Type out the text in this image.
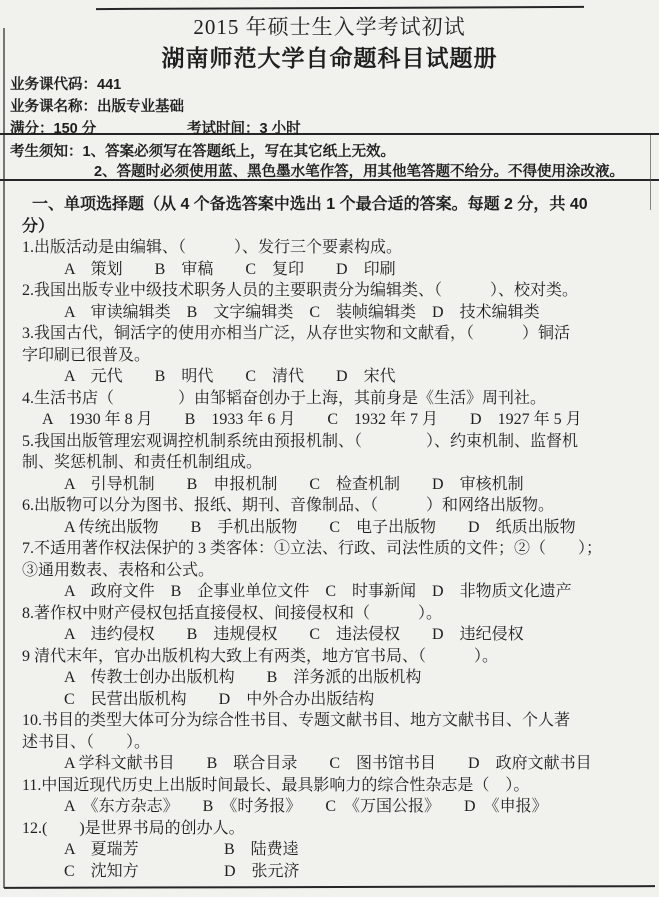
2015 年硕士生入学考试初试
湖南师范大学自命题科目试题册
业务课代码：441
业务课名称：出版专业基础
满分：150 分	考试时间：3 小时
考生须知：1、答案必须写在答题纸上，写在其它纸上无效。
2、答题时必须使用蓝、黑色墨水笔作答，用其他笔答题不给分。不得使用涂改液。
一、单项选择题（从 4 个备选答案中选出 1 个最合适的答案。每题 2 分，共 40
分）
1.出版活动是由编辑、（　　　）、发行三个要素构成。
A　策划　　B　审稿　　C　复印　　D　印刷
2.我国出版专业中级技术职务人员的主要职责分为编辑类、（　　　）、校对类。
A　审读编辑类　B　文字编辑类　C　装帧编辑类　D　技术编辑类
3.我国古代，铜活字的使用亦相当广泛，从存世实物和文献看，（　　　）铜活
字印刷已很普及。
A　元代　　B　明代　　C　清代　　D　宋代
4.生活书店（　　　　）由邹韬奋创办于上海，其前身是《生活》周刊社。
A　1930 年 8 月　　B　1933 年 6 月　　C　1932 年 7 月　　D　1927 年 5 月
5.我国出版管理宏观调控机制系统由预报机制、（　　　　）、约束机制、监督机
制、奖惩机制、和责任机制组成。
A　引导机制　　B　申报机制　　C　检查机制　　D　审核机制
6.出版物可以分为图书、报纸、期刊、音像制品、（　　　）和网络出版物。
A 传统出版物　　B　手机出版物　　C　电子出版物　　D　纸质出版物
7.不适用著作权法保护的 3 类客体：①立法、行政、司法性质的文件；②（　　）；
③通用数表、表格和公式。
A　政府文件　B　企事业单位文件　C　时事新闻　D　非物质文化遗产
8.著作权中财产侵权包括直接侵权、间接侵权和（　　　）。
A　违约侵权　　B　违规侵权　　C　违法侵权　　D　违纪侵权
9 清代末年，官办出版机构大致上有两类，地方官书局、（　　　）。
A　传教士创办出版机构　　B　洋务派的出版机构
C　民营出版机构　　D　中外合办出版结构
10.书目的类型大体可分为综合性书目、专题文献书目、地方文献书目、个人著
述书目、（　　）。
A 学科文献书目　　B　联合目录　　C　图书馆书目　　D　政府文献书目
11.中国近现代历史上出版时间最长、最具影响力的综合性杂志是（　）。
A　《东方杂志》　　B　《时务报》　　C　《万国公报》　　D　《申报》
12.(　　)是世界书局的创办人。
A　夏瑞芳	B　陆费逵
C　沈知方	D　张元济
